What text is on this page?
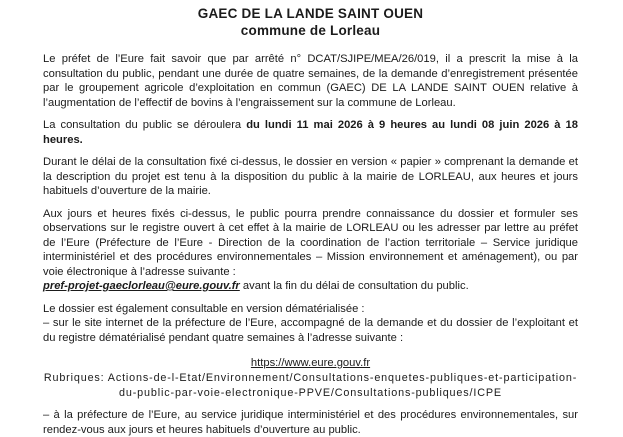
GAEC DE LA LANDE SAINT OUEN
commune de Lorleau

Le préfet de l’Eure fait savoir que par arrêté n° DCAT/SJIPE/MEA/26/019, il a prescrit la mise à la consultation du public, pendant une durée de quatre semaines, de la demande d’enregistrement présentée par le groupement agricole d’exploitation en commun (GAEC) DE LA LANDE SAINT OUEN relative à l’augmentation de l’effectif de bovins à l’engraissement sur la commune de Lorleau.

La consultation du public se déroulera du lundi 11 mai 2026 à 9 heures au lundi 08 juin 2026 à 18 heures.

Durant le délai de la consultation fixé ci-dessus, le dossier en version « papier » comprenant la demande et la description du projet est tenu à la disposition du public à la mairie de LORLEAU, aux heures et jours habituels d’ouverture de la mairie.

Aux jours et heures fixés ci-dessus, le public pourra prendre connaissance du dossier et formuler ses observations sur le registre ouvert à cet effet à la mairie de LORLEAU ou les adresser par lettre au préfet de l’Eure (Préfecture de l’Eure - Direction de la coordination de l’action territoriale – Service juridique interministériel et des procédures environnementales – Mission environnement et aménagement), ou par voie électronique à l’adresse suivante :
pref-projet-gaeclorleau@eure.gouv.fr avant la fin du délai de consultation du public.

Le dossier est également consultable en version dématérialisée :
– sur le site internet de la préfecture de l’Eure, accompagné de la demande et du dossier de l’exploitant et du registre dématérialisé pendant quatre semaines à l’adresse suivante :

https://www.eure.gouv.fr
Rubriques: Actions-de-l-Etat/Environnement/Consultations-enquetes-publiques-et-participation-du-public-par-voie-electronique-PPVE/Consultations-publiques/ICPE

– à la préfecture de l’Eure, au service juridique interministériel et des procédures environnementales, sur rendez-vous aux jours et heures habituels d’ouverture au public.
